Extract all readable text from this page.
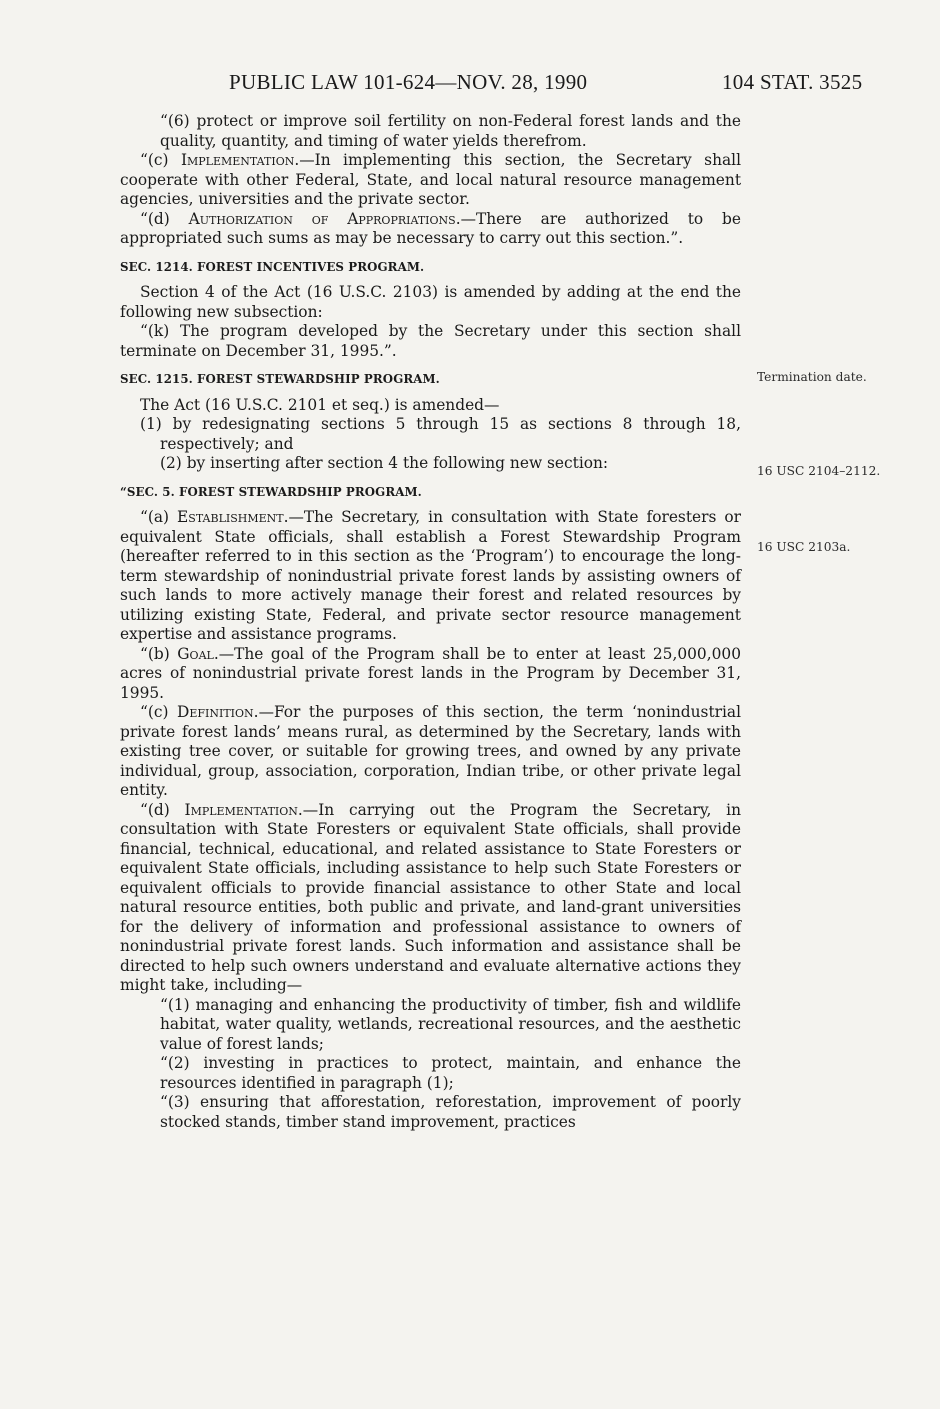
PUBLIC LAW 101-624—NOV. 28, 1990	104 STAT. 3525

“(6) protect or improve soil fertility on non-Federal forest lands and the quality, quantity, and timing of water yields therefrom.

“(c) Implementation.—In implementing this section, the Secretary shall cooperate with other Federal, State, and local natural resource management agencies, universities and the private sector.

“(d) Authorization of Appropriations.—There are authorized to be appropriated such sums as may be necessary to carry out this section.”.

SEC. 1214. FOREST INCENTIVES PROGRAM.

Section 4 of the Act (16 U.S.C. 2103) is amended by adding at the end the following new subsection:

“(k) The program developed by the Secretary under this section shall terminate on December 31, 1995.”.

SEC. 1215. FOREST STEWARDSHIP PROGRAM.

The Act (16 U.S.C. 2101 et seq.) is amended—

(1) by redesignating sections 5 through 15 as sections 8 through 18, respectively; and

(2) by inserting after section 4 the following new section:

“SEC. 5. FOREST STEWARDSHIP PROGRAM.

“(a) Establishment.—The Secretary, in consultation with State foresters or equivalent State officials, shall establish a Forest Stewardship Program (hereafter referred to in this section as the ‘Program’) to encourage the long-term stewardship of nonindustrial private forest lands by assisting owners of such lands to more actively manage their forest and related resources by utilizing existing State, Federal, and private sector resource management expertise and assistance programs.

“(b) Goal.—The goal of the Program shall be to enter at least 25,000,000 acres of nonindustrial private forest lands in the Program by December 31, 1995.

“(c) Definition.—For the purposes of this section, the term ‘nonindustrial private forest lands’ means rural, as determined by the Secretary, lands with existing tree cover, or suitable for growing trees, and owned by any private individual, group, association, corporation, Indian tribe, or other private legal entity.

“(d) Implementation.—In carrying out the Program the Secretary, in consultation with State Foresters or equivalent State officials, shall provide financial, technical, educational, and related assistance to State Foresters or equivalent State officials, including assistance to help such State Foresters or equivalent officials to provide financial assistance to other State and local natural resource entities, both public and private, and land-grant universities for the delivery of information and professional assistance to owners of nonindustrial private forest lands. Such information and assistance shall be directed to help such owners understand and evaluate alternative actions they might take, including—

“(1) managing and enhancing the productivity of timber, fish and wildlife habitat, water quality, wetlands, recreational resources, and the aesthetic value of forest lands;

“(2) investing in practices to protect, maintain, and enhance the resources identified in paragraph (1);

“(3) ensuring that afforestation, reforestation, improvement of poorly stocked stands, timber stand improvement, practices

Termination date.
16 USC 2104–2112.
16 USC 2103a.
